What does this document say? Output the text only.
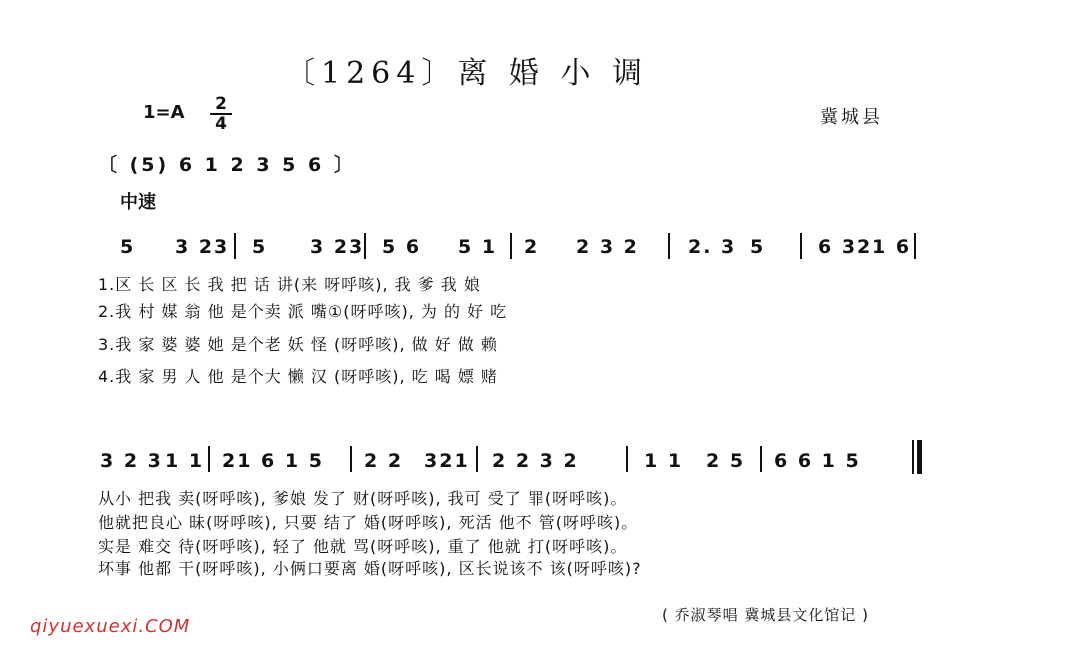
〔1264〕离 婚 小 调
1=A 2
4	冀城县
〔 (5) 6 1 2 3 5 6 〕
中速
5 3 23 5 3 23 5 6 5 1 2 2 3 2	2. 3 5	6 32 1 6
1.区 长 区 长 我 把 话 讲(来 呀呼咳), 我 爹 我 娘
2.我 村 媒 翁 他 是个卖 派 嘴①(呀呼咳), 为 的 好 吃
3.我 家 婆 婆 她 是个老 妖 怪 (呀呼咳), 做 好 做 赖
4.我 家 男 人 他 是个大 懒 汉 (呀呼咳), 吃 喝 嫖 赌
3 2 3 1 1 21 6 1 5 2 2 321 2 2 3 2	1 1 2 5 6 6 1 5
从小 把我 卖(呀呼咳), 爹娘 发了 财(呀呼咳), 我可 受了 罪(呀呼咳)。
他就把良心 昧(呀呼咳), 只要 结了 婚(呀呼咳), 死活 他不 管(呀呼咳)。
实是 难交 待(呀呼咳), 轻了 他就 骂(呀呼咳), 重了 他就 打(呀呼咳)。
坏事 他都 干(呀呼咳), 小俩口要离 婚(呀呼咳), 区长说该不 该(呀呼咳)?
( 乔淑琴唱 冀城县文化馆记 )
qiyuexuexi.COM
